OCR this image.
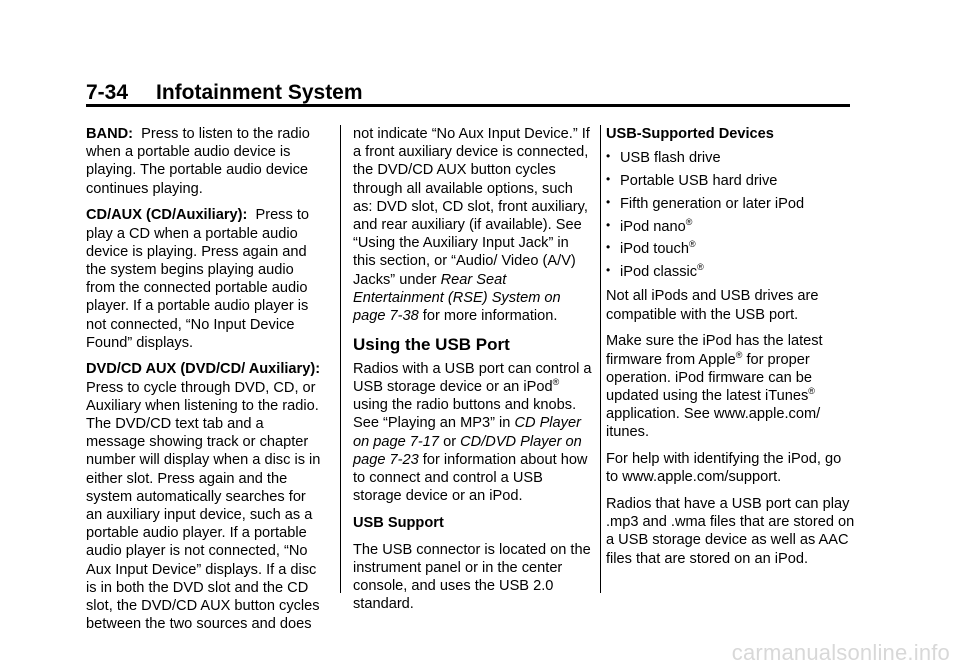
7-34 Infotainment System

BAND: Press to listen to the radio when a portable audio device is playing. The portable audio device continues playing.

CD/AUX (CD/Auxiliary): Press to play a CD when a portable audio device is playing. Press again and the system begins playing audio from the connected portable audio player. If a portable audio player is not connected, “No Input Device Found” displays.

DVD/CD AUX (DVD/CD/ Auxiliary):  Press to cycle through DVD, CD, or Auxiliary when listening to the radio. The DVD/CD text tab and a message showing track or chapter number will display when a disc is in either slot. Press again and the system automatically searches for an auxiliary input device, such as a portable audio player. If a portable audio player is not connected, “No Aux Input Device” displays. If a disc is in both the DVD slot and the CD slot, the DVD/CD AUX button cycles between the two sources and does

not indicate “No Aux Input Device.” If a front auxiliary device is connected, the DVD/CD AUX button cycles through all available options, such as: DVD slot, CD slot, front auxiliary, and rear auxiliary (if available). See “Using the Auxiliary Input Jack” in this section, or “Audio/ Video (A/V) Jacks” under Rear Seat Entertainment (RSE) System on page 7-38 for more information.

Using the USB Port

Radios with a USB port can control a USB storage device or an iPod® using the radio buttons and knobs. See “Playing an MP3” in CD Player on page 7-17 or CD/DVD Player on page 7-23 for information about how to connect and control a USB storage device or an iPod.

USB Support

The USB connector is located on the instrument panel or in the center console, and uses the USB 2.0 standard.

USB-Supported Devices

• USB flash drive
• Portable USB hard drive
• Fifth generation or later iPod
• iPod nano®
• iPod touch®
• iPod classic®

Not all iPods and USB drives are compatible with the USB port.

Make sure the iPod has the latest firmware from Apple® for proper operation. iPod firmware can be updated using the latest iTunes® application. See www.apple.com/ itunes.

For help with identifying the iPod, go to www.apple.com/support.

Radios that have a USB port can play .mp3 and .wma files that are stored on a USB storage device as well as AAC files that are stored on an iPod.

carmanualsonline.info
